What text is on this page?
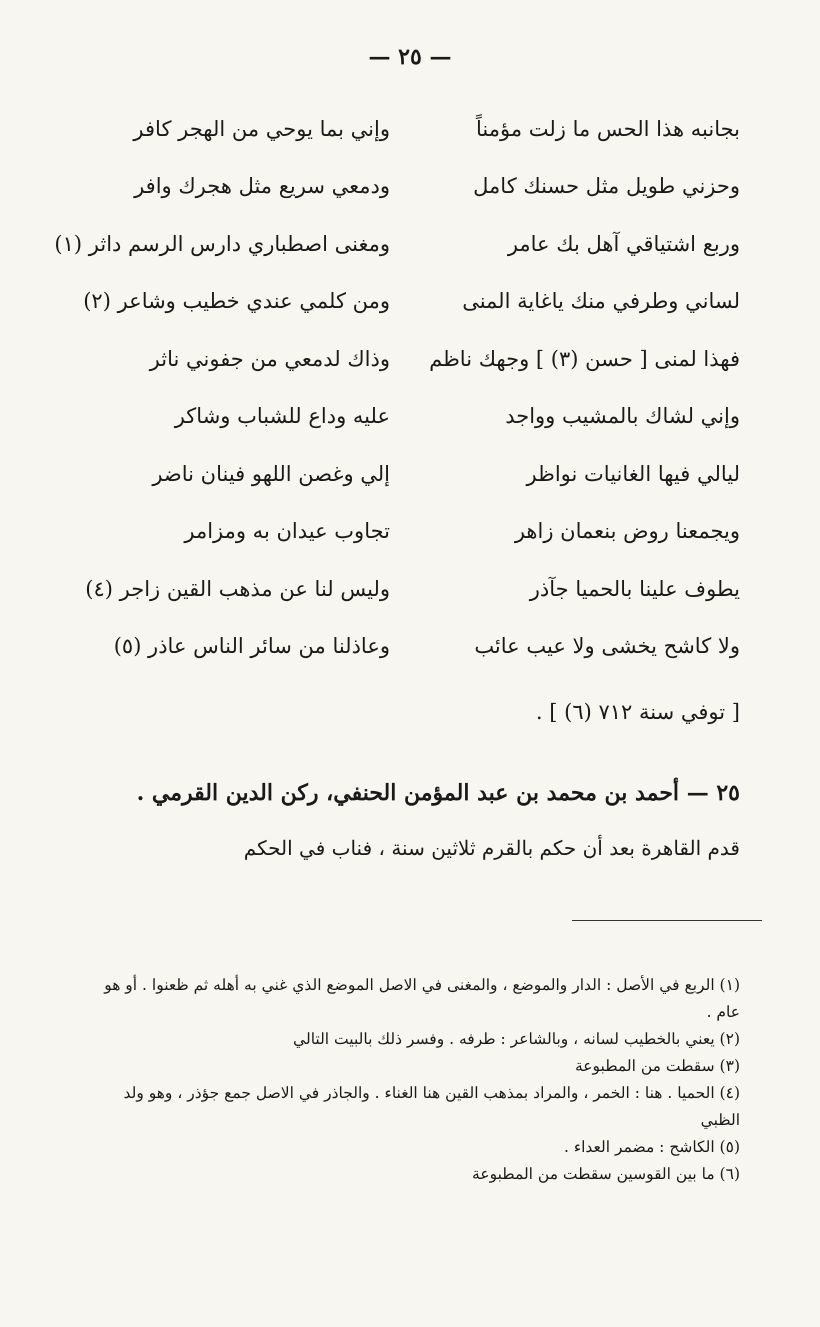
— ٢٥ —
بجانبه هذا الحس ما زلت مؤمناً
وإني بما يوحي من الهجر كافر
وحزني طويل مثل حسنك كامل
ودمعي سريع مثل هجرك وافر
وربع اشتياقي آهل بك عامر
ومغنى اصطباري دارس الرسم داثر (١)
لساني وطرفي منك ياغاية المنى
ومن كلمي عندي خطيب وشاعر (٢)
فهذا لمنى [ حسن (٣) ] وجهك ناظم
وذاك لدمعي من جفوني ناثر
وإني لشاك بالمشيب وواجد
عليه وداع للشباب وشاكر
ليالي فيها الغانيات نواظر
إلي وغصن اللهو فينان ناضر
ويجمعنا روض بنعمان زاهر
تجاوب عيدان به ومزامر
يطوف علينا بالحميا جآذر
وليس لنا عن مذهب القين زاجر (٤)
ولا كاشح يخشى ولا عيب عائب
وعاذلنا من سائر الناس عاذر (٥)
[ توفي سنة ٧١٢ (٦) ] .
٢٥ — أحمد بن محمد بن عبد المؤمن الحنفي، ركن الدين القرمي .
قدم القاهرة بعد أن حكم بالقرم ثلاثين سنة ، فناب في الحكم
(١) الربع في الأصل : الدار والموضع ، والمغنى في الاصل الموضع الذي غني به أهله ثم ظعنوا . أو هو عام .
(٢) يعني بالخطيب لسانه ، وبالشاعر : طرفه . وفسر ذلك بالبيت التالي
(٣) سقطت من المطبوعة
(٤) الحميا . هنا : الخمر ، والمراد بمذهب القين هنا الغناء . والجاذر في الاصل جمع جؤذر ، وهو ولد الظبي
(٥) الكاشح : مضمر العداء .
(٦) ما بين القوسين سقطت من المطبوعة
